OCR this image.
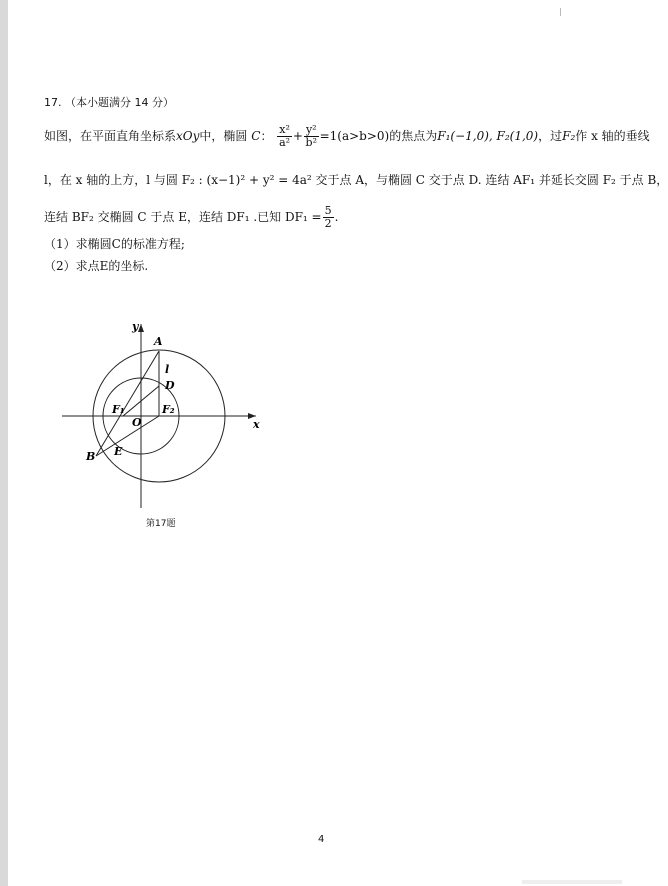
17. （本小题满分 14 分）
如图，在平面直角坐标系xOy中，椭圆 C： $\frac{\text{x²}}{\text{a²}} + \frac{\text{y²}}{\text{b²}} =1(a>b>0)$的焦点为F₁(−1,0), F₂(1,0)，过F₂作 x 轴的垂线
l，在 x 轴的上方，l 与圆 F₂ : (x−1)² + y² = 4a² 交于点 A，与椭圆 C 交于点 D. 连结 AF₁ 并延长交圆 F₂ 于点 B，
连结 BF₂ 交椭圆 C 于点 E，连结 DF₁ .已知 $DF_1 = \frac{5}{2}$ .
（1）求椭圆C的标准方程;
（2）求点E的坐标.
y
x
A
l
D
F₁	F₂
O
B E
第17题
4
